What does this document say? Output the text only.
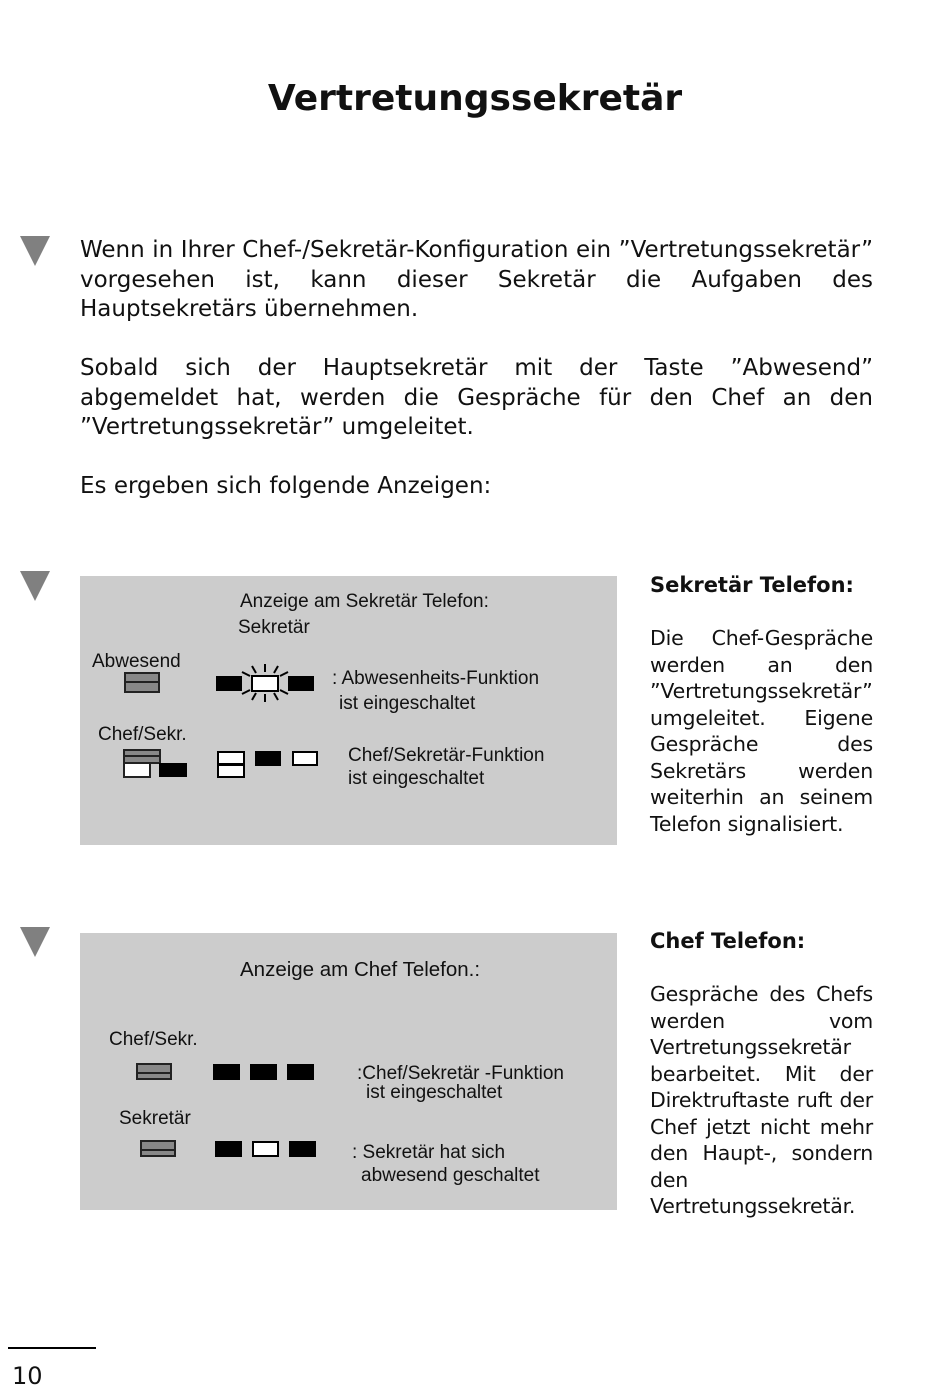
Vertretungssekretär
Wenn in Ihrer Chef-/Sekretär-Konfiguration ein ”Vertretungssekretär” vorgesehen ist, kann dieser Sekretär die Aufgaben des Hauptsekretärs übernehmen.
Sobald sich der Hauptsekretär mit der Taste ”Abwesend” abgemeldet hat, werden die Gespräche für den Chef an den ”Vertretungssekretär” umgeleitet.
Es ergeben sich folgende Anzeigen:
Anzeige am Sekretär Telefon:
Sekretär
Abwesend
: Abwesenheits-Funktion
ist eingeschaltet
Chef/Sekr.
Chef/Sekretär-Funktion
ist eingeschaltet
Sekretär Telefon:
Die Chef-Gespräche werden an den ”Vertretungssekretär” umgeleitet. Eigene Gespräche des Sekretärs werden weiterhin an seinem Telefon signalisiert.
Anzeige am Chef Telefon.:
Chef/Sekr.
:Chef/Sekretär -Funktion
ist eingeschaltet
Sekretär
: Sekretär hat sich
abwesend geschaltet
Chef Telefon:
Gespräche des Chefs werden vom Vertretungssekretär bearbeitet. Mit der Direktruftaste ruft der Chef jetzt nicht mehr den Haupt-, sondern den Vertretungssekretär.
10
